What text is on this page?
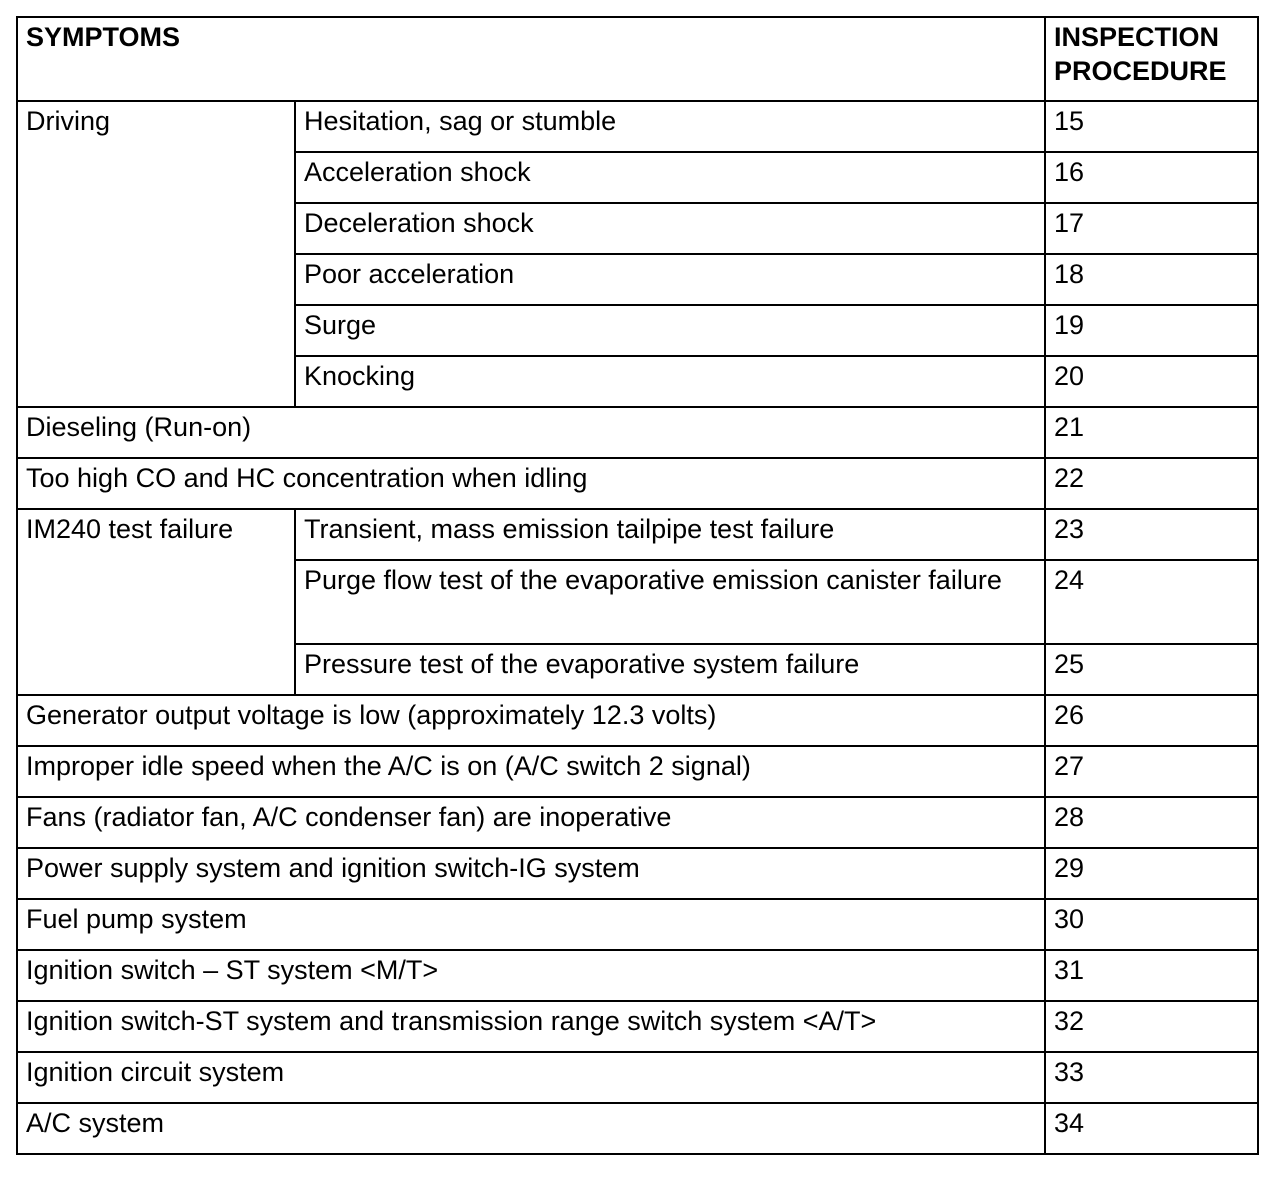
SYMPTOMS		INSPECTION
PROCEDURE
Driving	Hesitation, sag or stumble	15
	Acceleration shock	16
	Deceleration shock	17
	Poor acceleration	18
	Surge	19
	Knocking	20
Dieseling (Run-on)		21
Too high CO and HC concentration when idling		22
IM240 test failure	Transient, mass emission tailpipe test failure	23
	Purge flow test of the evaporative emission canister failure	24
	Pressure test of the evaporative system failure	25
Generator output voltage is low (approximately 12.3 volts)		26
Improper idle speed when the A/C is on (A/C switch 2 signal)		27
Fans (radiator fan, A/C condenser fan) are inoperative		28
Power supply system and ignition switch-IG system		29
Fuel pump system		30
Ignition switch – ST system <M/T>		31
Ignition switch-ST system and transmission range switch system <A/T>		32
Ignition circuit system		33
A/C system		34
